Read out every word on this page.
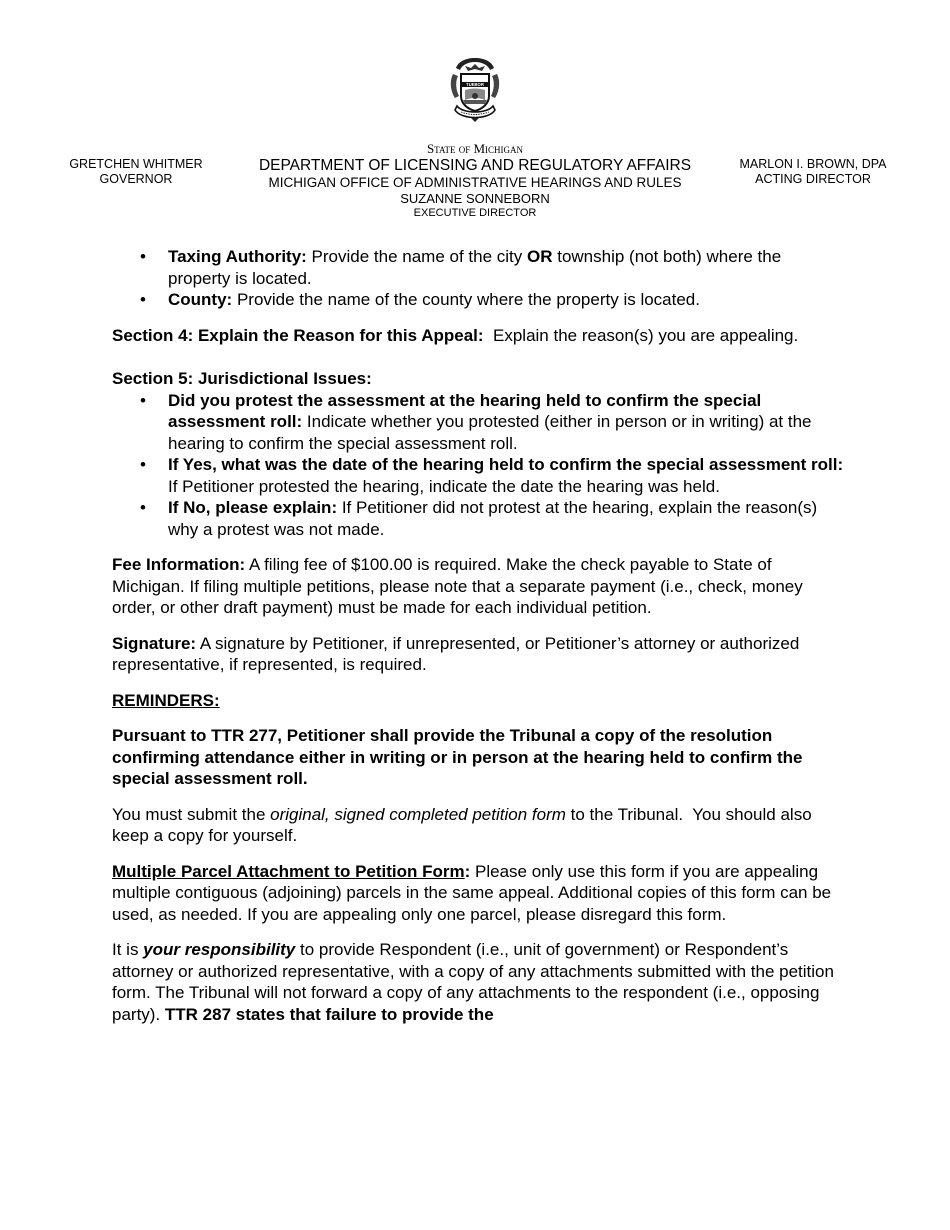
TUEBOR
GRETCHEN WHITMER
GOVERNOR
State of Michigan
DEPARTMENT OF LICENSING AND REGULATORY AFFAIRS
MICHIGAN OFFICE OF ADMINISTRATIVE HEARINGS AND RULES
SUZANNE SONNEBORN
EXECUTIVE DIRECTOR
MARLON I. BROWN, DPA
ACTING DIRECTOR
• Taxing Authority: Provide the name of the city OR township (not both) where the property is located.
• County: Provide the name of the county where the property is located.

Section 4: Explain the Reason for this Appeal:  Explain the reason(s) you are appealing.

Section 5: Jurisdictional Issues:

• Did you protest the assessment at the hearing held to confirm the special assessment roll: Indicate whether you protested (either in person or in writing) at the hearing to confirm the special assessment roll.
• If Yes, what was the date of the hearing held to confirm the special assessment roll: If Petitioner protested the hearing, indicate the date the hearing was held.
• If No, please explain: If Petitioner did not protest at the hearing, explain the reason(s) why a protest was not made.

Fee Information: A filing fee of $100.00 is required. Make the check payable to State of Michigan. If filing multiple petitions, please note that a separate payment (i.e., check, money order, or other draft payment) must be made for each individual petition.

Signature: A signature by Petitioner, if unrepresented, or Petitioner’s attorney or authorized representative, if represented, is required.

REMINDERS:

Pursuant to TTR 277, Petitioner shall provide the Tribunal a copy of the resolution confirming attendance either in writing or in person at the hearing held to confirm the special assessment roll.

You must submit the original, signed completed petition form to the Tribunal.  You should also keep a copy for yourself.

Multiple Parcel Attachment to Petition Form: Please only use this form if you are appealing multiple contiguous (adjoining) parcels in the same appeal. Additional copies of this form can be used, as needed. If you are appealing only one parcel, please disregard this form.

It is your responsibility to provide Respondent (i.e., unit of government) or Respondent’s attorney or authorized representative, with a copy of any attachments submitted with the petition form. The Tribunal will not forward a copy of any attachments to the respondent (i.e., opposing party). TTR 287 states that failure to provide the
